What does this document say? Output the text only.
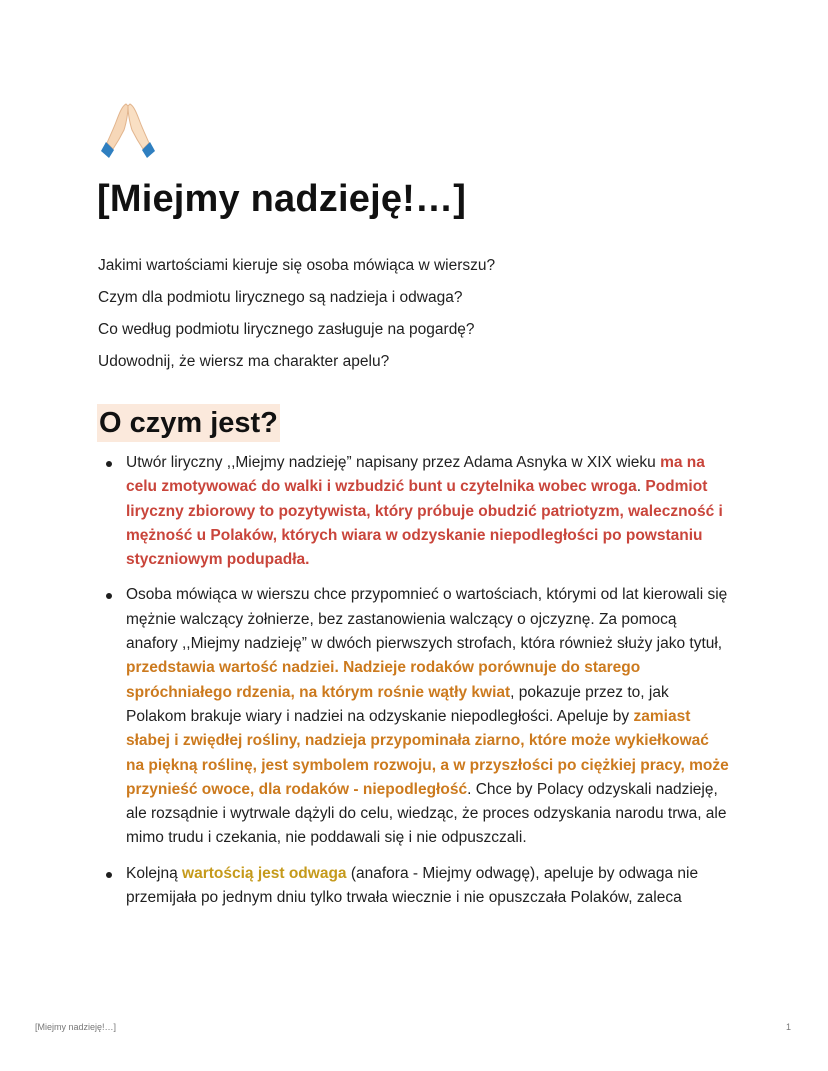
[Miejmy nadzieję!…]

Jakimi wartościami kieruje się osoba mówiąca w wierszu?

Czym dla podmiotu lirycznego są nadzieja i odwaga?

Co według podmiotu lirycznego zasługuje na pogardę?

Udowodnij, że wiersz ma charakter apelu?

O czym jest?
Utwór liryczny ,,Miejmy nadzieję” napisany przez Adama Asnyka w XIX wieku ma na celu zmotywować do walki i wzbudzić bunt u czytelnika wobec wroga. Podmiot liryczny zbiorowy to pozytywista, który próbuje obudzić patriotyzm, waleczność i mężność u Polaków, których wiara w odzyskanie niepodległości po powstaniu styczniowym podupadła.
Osoba mówiąca w wierszu chce przypomnieć o wartościach, którymi od lat kierowali się mężnie walczący żołnierze, bez zastanowienia walczący o ojczyznę. Za pomocą anafory ,,Miejmy nadzieję” w dwóch pierwszych strofach, która również służy jako tytuł, przedstawia wartość nadziei. Nadzieje rodaków porównuje do starego spróchniałego rdzenia, na którym rośnie wątły kwiat, pokazuje przez to, jak Polakom brakuje wiary i nadziei na odzyskanie niepodległości. Apeluje by zamiast słabej i zwiędłej rośliny, nadzieja przypominała ziarno, które może wykiełkować na piękną roślinę, jest symbolem rozwoju, a w przyszłości po ciężkiej pracy, może przynieść owoce, dla rodaków - niepodległość. Chce by Polacy odzyskali nadzieję, ale rozsądnie i wytrwale dążyli do celu, wiedząc, że proces odzyskania narodu trwa, ale mimo trudu i czekania, nie poddawali się i nie odpuszczali.
Kolejną wartością jest odwaga (anafora - Miejmy odwagę), apeluje by odwaga nie przemijała po jednym dniu tylko trwała wiecznie i nie opuszczała Polaków, zaleca
[Miejmy nadzieję!…]	1
